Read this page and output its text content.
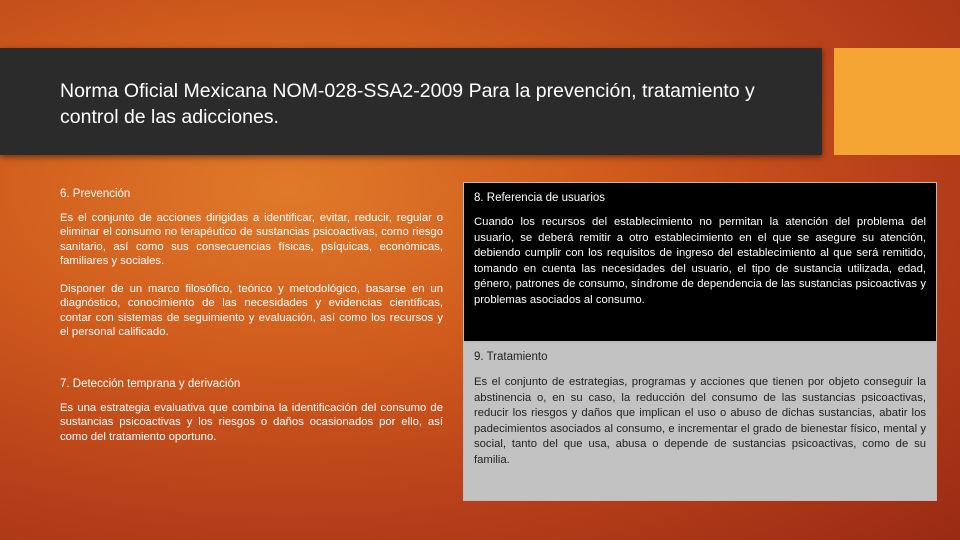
Norma Oficial Mexicana NOM-028-SSA2-2009 Para la prevención, tratamiento y control de las adicciones.
6. Prevención
Es el conjunto de acciones dirigidas a identificar, evitar, reducir, regular o eliminar el consumo no terapéutico de sustancias psicoactivas, como riesgo sanitario, así como sus consecuencias físicas, psíquicas, económicas, familiares y sociales.
Disponer de un marco filosófico, teórico y metodológico, basarse en un diagnóstico, conocimiento de las necesidades y evidencias científicas, contar con sistemas de seguimiento y evaluación, así como los recursos y el personal calificado.
7. Detección temprana y derivación
Es una estrategia evaluativa que combina la identificación del consumo de sustancias psicoactivas y los riesgos o daños ocasionados por ello, así como del tratamiento oportuno.
8. Referencia de usuarios
Cuando los recursos del establecimiento no permitan la atención del problema del usuario, se deberá remitir a otro establecimiento en el que se asegure su atención, debiendo cumplir con los requisitos de ingreso del establecimiento al que será remitido, tomando en cuenta las necesidades del usuario, el tipo de sustancia utilizada, edad, género, patrones de consumo, síndrome de dependencia de las sustancias psicoactivas y problemas asociados al consumo.
9. Tratamiento
Es el conjunto de estrategias, programas y acciones que tienen por objeto conseguir la abstinencia o, en su caso, la reducción del consumo de las sustancias psicoactivas, reducir los riesgos y daños que implican el uso o abuso de dichas sustancias, abatir los padecimientos asociados al consumo, e incrementar el grado de bienestar físico, mental y social, tanto del que usa, abusa o depende de sustancias psicoactivas, como de su familia.
